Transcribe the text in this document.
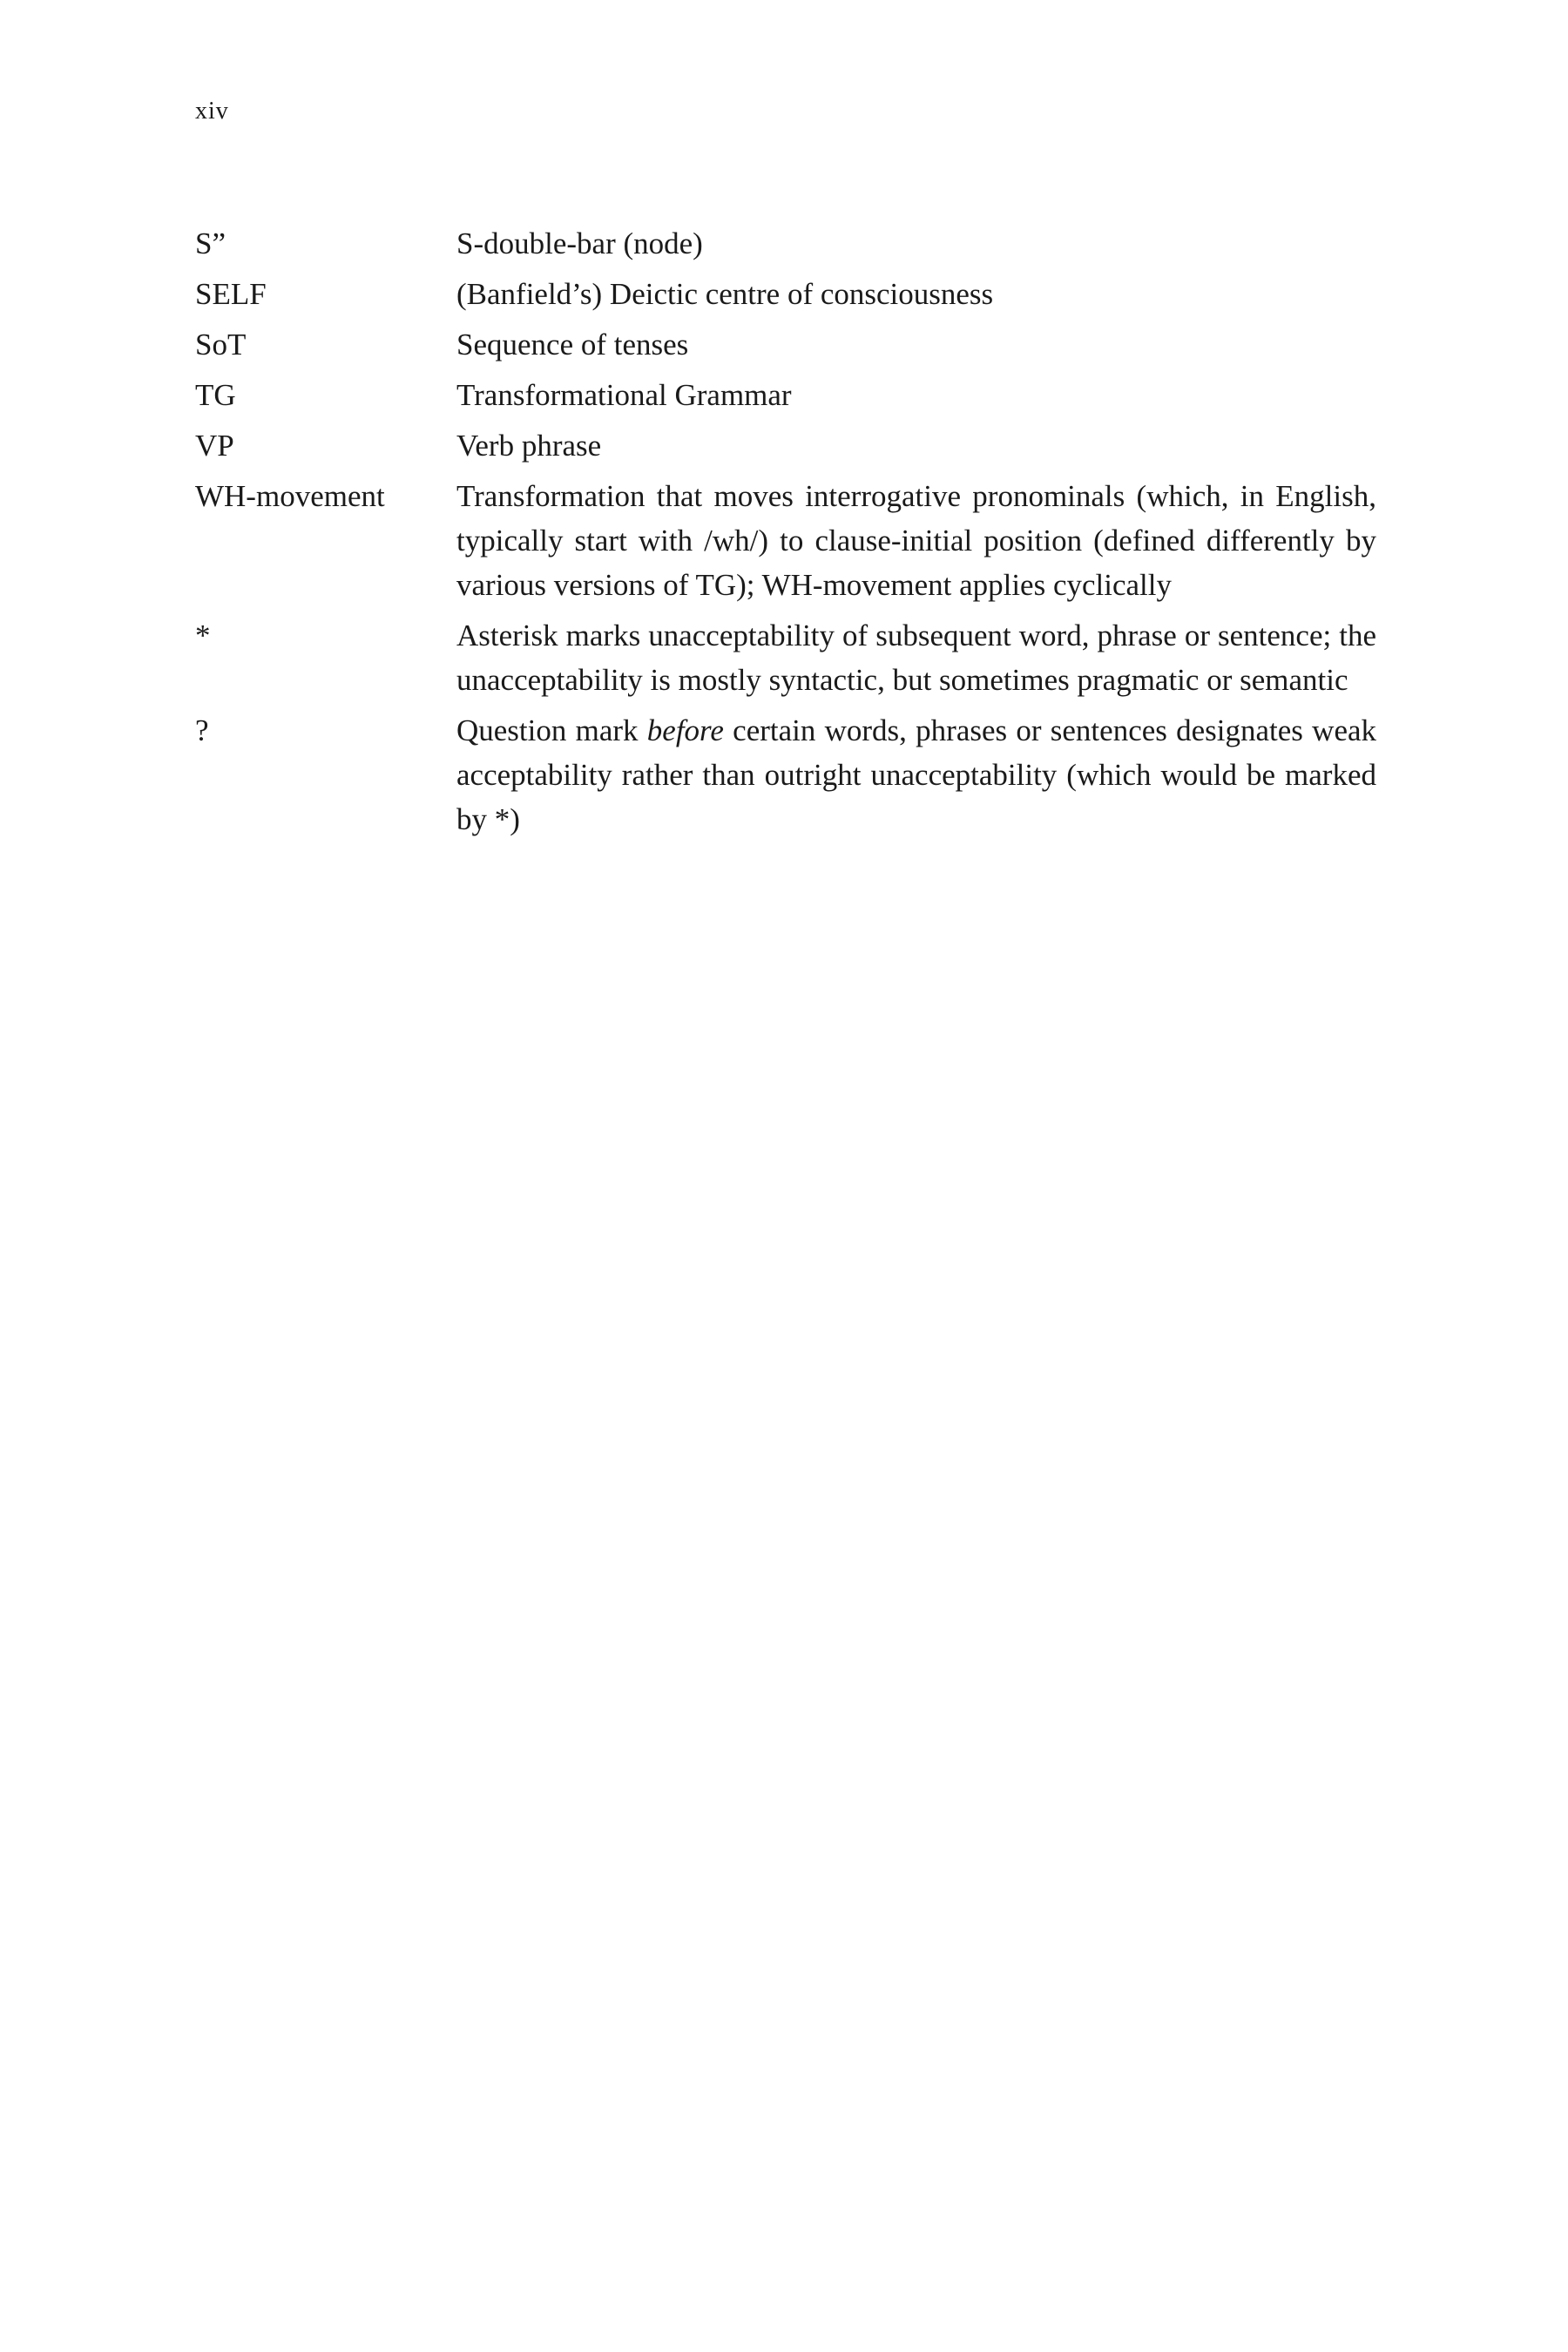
xiv
S”	S-double-bar (node)
SELF	(Banfield’s) Deictic centre of consciousness
SoT	Sequence of tenses
TG	Transformational Grammar
VP	Verb phrase
WH-movement	Transformation that moves interrogative pronominals (which, in English, typically start with /wh/) to clause-initial position (defined differently by various versions of TG); WH-movement applies cyclically
*	Asterisk marks unacceptability of subsequent word, phrase or sentence; the unacceptability is mostly syntactic, but sometimes pragmatic or semantic
?	Question mark before certain words, phrases or sentences designates weak acceptability rather than outright unacceptability (which would be marked by *)
